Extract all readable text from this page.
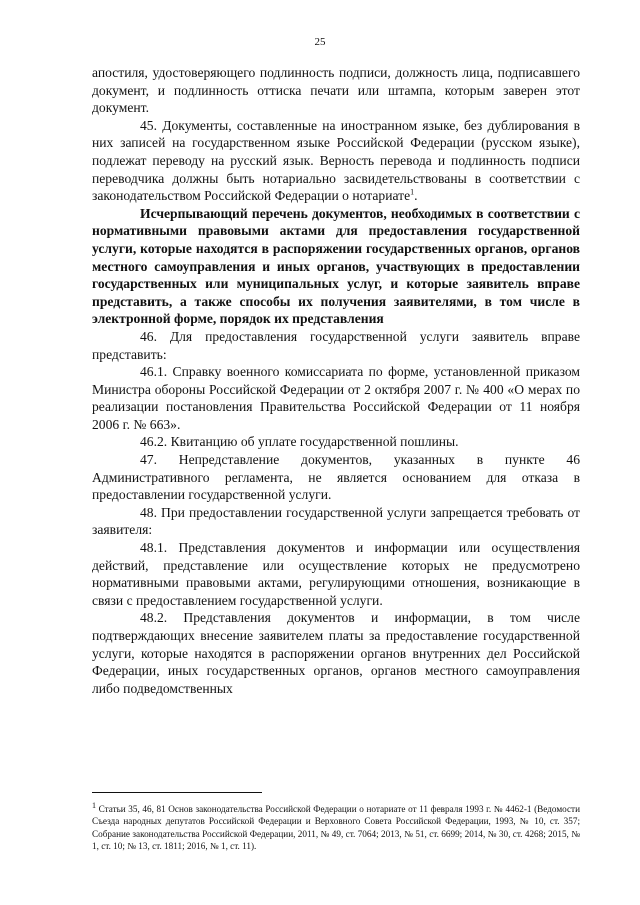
25

апостиля, удостоверяющего подлинность подписи, должность лица, подписавшего документ, и подлинность оттиска печати или штампа, которым заверен этот документ.

45. Документы, составленные на иностранном языке, без дублирования в них записей на государственном языке Российской Федерации (русском языке), подлежат переводу на русский язык. Верность перевода и подлинность подписи переводчика должны быть нотариально засвидетельствованы в соответствии с законодательством Российской Федерации о нотариате$^1$.

Исчерпывающий перечень документов, необходимых в соответствии с нормативными правовыми актами для предоставления государственной услуги, которые находятся в распоряжении государственных органов, органов местного самоуправления и иных органов, участвующих в предоставлении государственных или муниципальных услуг, и которые заявитель вправе представить, а также способы их получения заявителями, в том числе в электронной форме, порядок их представления

46. Для предоставления государственной услуги заявитель вправе представить:

46.1. Справку военного комиссариата по форме, установленной приказом Министра обороны Российской Федерации от 2 октября 2007 г. № 400 «О мерах по реализации постановления Правительства Российской Федерации от 11 ноября 2006 г. № 663».

46.2. Квитанцию об уплате государственной пошлины.

47. Непредставление документов, указанных в пункте 46 Административного регламента, не является основанием для отказа в предоставлении государственной услуги.

48. При предоставлении государственной услуги запрещается требовать от заявителя:

48.1. Представления документов и информации или осуществления действий, представление или осуществление которых не предусмотрено нормативными правовыми актами, регулирующими отношения, возникающие в связи с предоставлением государственной услуги.

48.2. Представления документов и информации, в том числе подтверждающих внесение заявителем платы за предоставление государственной услуги, которые находятся в распоряжении органов внутренних дел Российской Федерации, иных государственных органов, органов местного самоуправления либо подведомственных

$^1$ Статьи 35, 46, 81 Основ законодательства Российской Федерации о нотариате от 11 февраля 1993 г. № 4462-1 (Ведомости Съезда народных депутатов Российской Федерации и Верховного Совета Российской Федерации, 1993, № 10, ст. 357; Собрание законодательства Российской Федерации, 2011, № 49, ст. 7064; 2013, № 51, ст. 6699; 2014, № 30, ст. 4268; 2015, № 1, ст. 10; № 13, ст. 1811; 2016, № 1, ст. 11).
